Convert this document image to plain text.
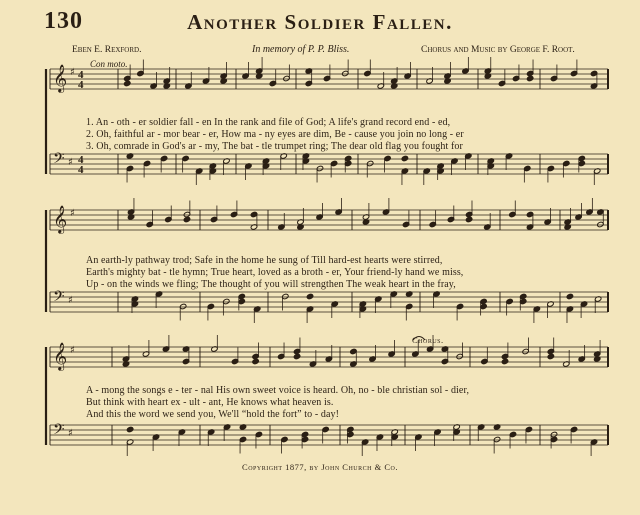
𝄞 ♯ 4
4
𝄢 ♯ 4
4
𝄞 ♯
𝄢 ♯
𝄞 ♯
𝄢 ♯
130	Another Soldier Fallen.
Eben E. Rexford.	In memory of P. P. Bliss.	Chorus and Music by George F. Root.
Con moto.
Chorus.
1. An - oth - er soldier fall - en In the rank and file of God; A life's grand record end - ed,
2. Oh, faithful ar - mor bear - er, How ma - ny eyes are dim, Be - cause you join no long - er
3. Oh, comrade in God's ar - my, The bat - tle trumpet ring; The dear old flag you fought for
An earth-ly pathway trod; Safe in the home he sung of Till hard-est hearts were stirred,
Earth's mighty bat - tle hymn; True heart, loved as a broth - er, Your friend-ly hand we miss,
Up - on the winds we fling; The thought of you will strengthen The weak heart in the fray,
A - mong the songs e - ter - nal His own sweet voice is heard. Oh, no - ble christian sol - dier,
But think with heart ex - ult - ant, He knows what heaven is.
And this the word we send you, We'll “hold the fort” to - day!
Copyright 1877, by John Church & Co.
